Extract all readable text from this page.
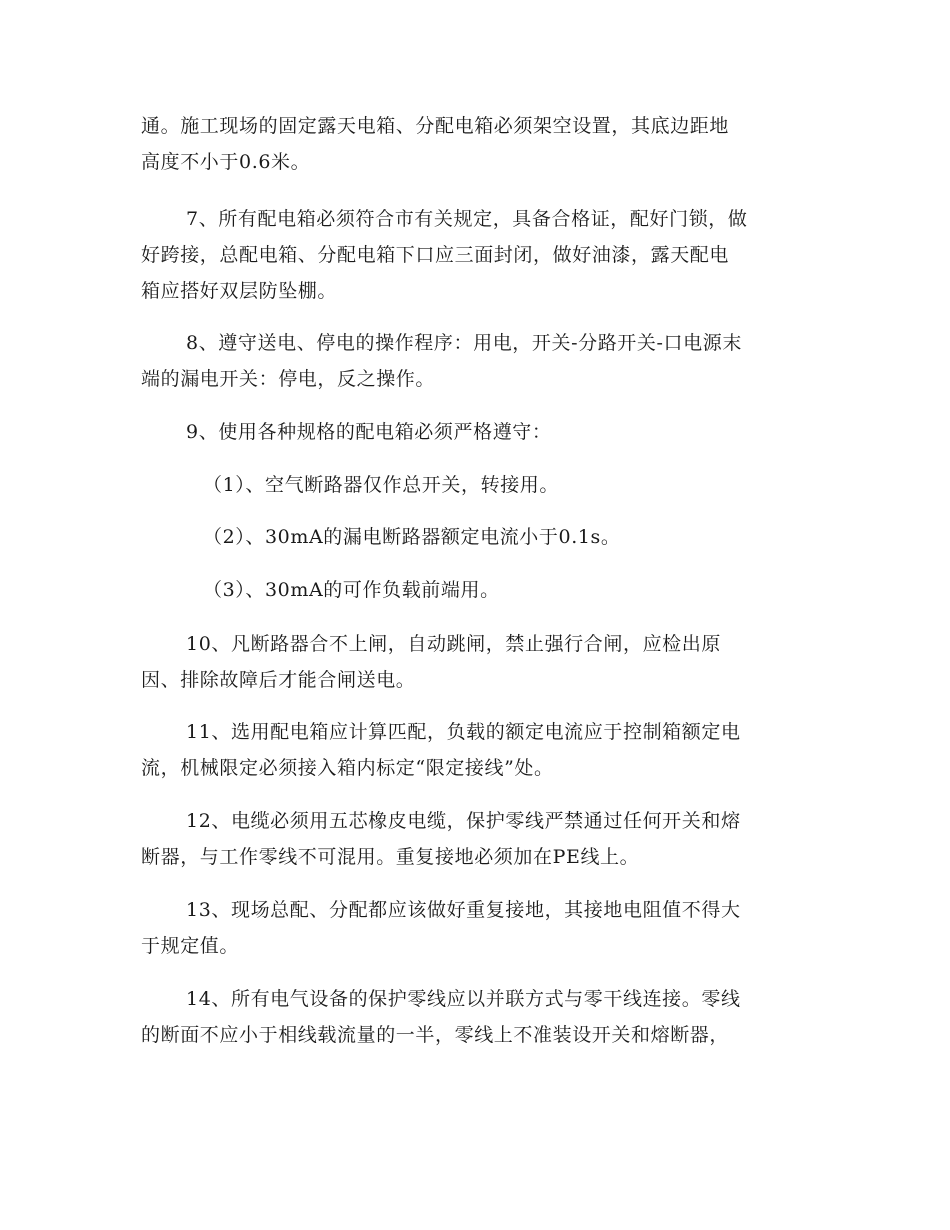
通。施工现场的固定露天电箱、分配电箱必须架空设置，其底边距地
高度不小于0.6米。
7、所有配电箱必须符合市有关规定，具备合格证，配好门锁，做
好跨接，总配电箱、分配电箱下口应三面封闭，做好油漆，露天配电
箱应搭好双层防坠棚。
8、遵守送电、停电的操作程序：用电，开关-分路开关-口电源末
端的漏电开关：停电，反之操作。
9、使用各种规格的配电箱必须严格遵守：
（1）、空气断路器仅作总开关，转接用。
（2）、30mA的漏电断路器额定电流小于0.1s。
（3）、30mA的可作负载前端用。
10、凡断路器合不上闸，自动跳闸，禁止强行合闸，应检出原
因、排除故障后才能合闸送电。
11、选用配电箱应计算匹配，负载的额定电流应于控制箱额定电
流，机械限定必须接入箱内标定“限定接线”处。
12、电缆必须用五芯橡皮电缆，保护零线严禁通过任何开关和熔
断器，与工作零线不可混用。重复接地必须加在PE线上。
13、现场总配、分配都应该做好重复接地，其接地电阻值不得大
于规定值。
14、所有电气设备的保护零线应以并联方式与零干线连接。零线
的断面不应小于相线载流量的一半，零线上不准装设开关和熔断器，
